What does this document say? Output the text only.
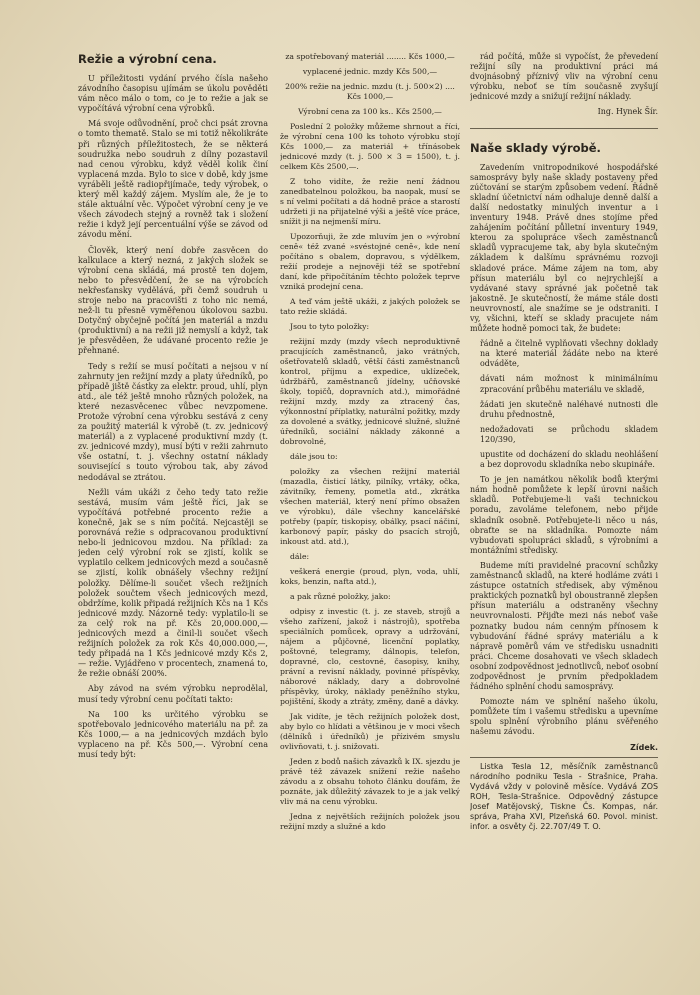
Režie a výrobní cena.

U příležitosti vydání prvého čísla našeho závodního časopisu ujímám se úkolu pověděti vám něco málo o tom, co je to režie a jak se vypočítává výrobní cena výrobků.

Má svoje odůvodnění, proč chci psát zrovna o tomto thematě. Stalo se mi totiž několikráte při různých příležitostech, že se některá soudružka nebo soudruh z dílny pozastavil nad cenou výrobku, když věděl kolik činí vyplacená mzda. Bylo to sice v době, kdy jsme vyráběli ještě radiopřijímače, tedy výrobek, o který měl každý zájem. Myslím ale, že je to stále aktuální věc. Výpočet výrobní ceny je ve všech závodech stejný a rovněž tak i složení režie i když její percentuální výše se závod od závodu mění.

Člověk, který není dobře zasvěcen do kalkulace a který nezná, z jakých složek se výrobní cena skládá, má prostě ten dojem, nebo to přesvědčení, že se na výrobcích nekřesťansky vydělává, při čemž soudruh u stroje nebo na pracovišti z toho nic nemá, než-li tu přesně vyměřenou úkolovou sazbu. Dotyčný obyčejně počítá jen materiál a mzdu (produktivní) a na režii již nemyslí a když, tak je přesvěděen, že udávané procento režie je přehnané.

Tedy s režií se musí počítati a nejsou v ní zahrnuty jen režijní mzdy a platy úředníků, po případě jiště částky za elektr. proud, uhlí, plyn atd., ale též ještě mnoho různých položek, na které nezasvěcenec vůbec nevzpomene. Protože výrobní cena výrobku sestává z ceny za použitý materiál k výrobě (t. zv. jednicový materiál) a z vyplacené produktivní mzdy (t. zv. jednicové mzdy), musí býti v režii zahrnuto vše ostatní, t. j. všechny ostatní náklady související s touto výrobou tak, aby závod nedodával se ztrátou.

Nežli vám ukáži z čeho tedy tato režie sestává, musím vám ještě říci, jak se vypočítává potřebné procento režie a konečně, jak se s ním počítá. Nejcastěji se porovnává režie s odpracovanou produktivní nebo-li jednicovou mzdou. Na příklad: za jeden celý výrobní rok se zjistí, kolik se vyplatilo celkem jednicových mezd a současně se zjistí, kolik obnášely všechny režijní položky. Dělíme-li součet všech režijních položek součtem všech jednicových mezd, obdržíme, kolik připadá režijních Kčs na 1 Kčs jednicové mzdy. Názorně tedy: vyplatilo-li se za celý rok na př. Kčs 20,000.000,— jednicových mezd a činil-li součet všech režijních položek za rok Kčs 40,000.000,—, tedy připadá na 1 Kčs jednicové mzdy Kčs 2,— režie. Vyjádřeno v procentech, znamená to, že režie obnáší 200%.

Aby závod na svém výrobku neprodělal, musí tedy výrobní cenu počítati takto:

Na 100 ks určitého výrobku se spotřebovalo jednicového materiálu na př. za Kčs 1000,— a na jednicových mzdách bylo vyplaceno na př. Kčs 500,—. Výrobní cena musí tedy být:

za spotřebovaný materiál ........ Kčs 1000,—

vyplacené jednic. mzdy Kčs 500,—

200% režie na jednic. mzdu (t. j. 500×2) .... Kčs 1000,—

Výrobní cena za 100 ks.. Kčs 2500,—

Poslední 2 položky můžeme shrnout a říci, že výrobní cena 100 ks tohoto výrobku stojí Kčs 1000,— za materiál + třínásobek jednicové mzdy (t. j. 500 × 3 = 1500), t. j. celkem Kčs 2500,—.

Z toho vidíte, že režie není žádnou zanedbatelnou položkou, ba naopak, musí se s ní velmi počítati a dá hodně práce a starostí udržeti ji na přijatelné výši a ještě více práce, snížit ji na nejmenší míru.

Upozorňuji, že zde mluvím jen o »výrobní ceně« též zvané »svéstojné ceně«, kde není počítáno s obalem, dopravou, s výdělkem, režií prodeje a nejnověji též se spotřební daní, kde připočítáním těchto položek teprve vzniká prodejní cena.

A teď vám ještě ukáži, z jakých položek se tato režie skládá.

Jsou to tyto položky:

režijní mzdy (mzdy všech neproduktivně pracujících zaměstnanců, jako vrátných, ošetřovatelů skladů, větší části zaměstnanců kontrol, příjmu a expedice, uklízeček, údržbářů, zaměstnanců jídelny, učňovské školy, topičů, dopravních atd.), mimořádné režijní mzdy, mzdy za ztracený čas, výkonnostní příplatky, naturální požitky, mzdy za dovolené a svátky, jednicové služné, služné úředníků, sociální náklady zákonné a dobrovolné,

dále jsou to:

položky za všechen režijní materiál (mazadla, čisticí látky, pilníky, vrtáky, očka, závitníky, řemeny, pometla atd., zkrátka všechen materiál, který není přímo obsažen ve výrobku), dále všechny kancelářské potřeby (papír, tiskopisy, obálky, psací náčiní, karbonový papír, pásky do psacích strojů, inkoust atd. atd.),

dále:

veškerá energie (proud, plyn, voda, uhlí, koks, benzin, nafta atd.),

a pak různé položky, jako:

odpisy z investic (t. j. ze staveb, strojů a všeho zařízení, jakož i nástrojů), spotřeba speciálních pomůcek, opravy a udržování, nájem a půjčovné, licenční poplatky, poštovné, telegramy, dálnopis, telefon, dopravné, clo, cestovné, časopisy, knihy, právní a revisní náklady, povinné příspěvky, náborové náklady, dary a dobrovolné příspěvky, úroky, náklady peněžního styku, pojištění, škody a ztráty, změny, daně a dávky.

Jak vidíte, je těch režijních položek dost, aby bylo co hlídati a většinou je v moci všech (dělníků i úředníků) je přízivém smyslu ovlivňovati, t. j. snižovati.

Jeden z bodů našich závazků k IX. sjezdu je právě též závazek snížení režie našeho závodu a z obsahu tohoto článku doufám, že poznáte, jak důležitý závazek to je a jak velký vliv má na cenu výrobku.

Jedna z největších režijních položek jsou režijní mzdy a služné a kdo

rád počítá, může si vypočíst, že převedení režijní síly na produktivní práci má dvojnásobný příznivý vliv na výrobní cenu výrobku, neboť se tím současně zvyšují jednicové mzdy a snižují režijní náklady.

Ing. Hynek Šír.

Naše sklady výrobě.

Zavedením vnitropodnikové hospodářské samosprávy byly naše sklady postaveny před zúčtování se starým způsobem vedení. Řádně skladní účetnictví nám odhaluje denně další a další nedostatky minulých inventur a i inventury 1948. Právě dnes stojíme před zahájením počítání půlletní inventury 1949, kterou za spolupráce všech zaměstnanců skladů vypracujeme tak, aby byla skutečným základem k dalšímu správnému rozvoji skladové práce. Máme zájem na tom, aby přísun materiálu byl co nejrychlejší a vydávané stavy správné jak početně tak jakostně. Je skutečností, že máme stále dosti neuvrovností, ale snažíme se je odstraniti. I vy, všichni, kteří se sklady pracujete nám můžete hodně pomoci tak, že budete:

řádně a čitelně vyplňovati všechny doklady na které materiál žádáte nebo na které odváděte,

dávati nám možnost k minimálnímu zpracování průběhu materiálu ve skladě,

žádati jen skutečně naléhavé nutnosti dle druhu přednostně,

nedožadovati se průchodu skladem 120/390,

upustite od docházení do skladu neohlášení a bez doprovodu skladníka nebo skupináře.

To je jen namátkou několik bodů kterými nám hodně pomůžete k lepší úrovni našich skladů. Potřebujeme-li vaši technickou poradu, zavoláme telefonem, nebo přijde skladník osobně. Potřebujete-li něco u nás, obraťte se na skladníka. Pomozte nám vybudovati spolupráci skladů, s výrobními a montážními středisky.

Budeme míti pravidelné pracovní schůzky zaměstnanců skladů, na které hodláme zváti i zástupce ostatních středisek, aby výměnou praktických poznatků byl oboustranně zlepšen přísun materiálu a odstraněny všechny neuvrovnalosti. Přijďte mezi nás neboť vaše poznatky budou nám cenným přínosem k vybudování řádné správy materiálu a k nápravě poměrů vám ve středisku usnadniti práci. Chceme dosahovati ve všech skladech osobní zodpovědnost jednotlivců, neboť osobní zodpovědnost je prvním předpokladem řádného splnění chodu samosprávy.

Pomozte nám ve splnění našeho úkolu, pomůžete tím i vašemu středisku a upevníme spolu splnění výrobního plánu svěřeného našemu závodu.

Zídek.

Listka Tesla 12, měsíčník zaměstnanců národního podniku Tesla - Strašnice, Praha. Vydává vždy v polovině měsíce. Vydává ZOS ROH, Tesla-Strašnice. Odpovědný zástupce Josef Matějovský, Tiskne Čs. Kompas, nár. správa, Praha XVI, Plzeňská 60. Povol. minist. infor. a osvěty čj. 22.707/49 T. O.
